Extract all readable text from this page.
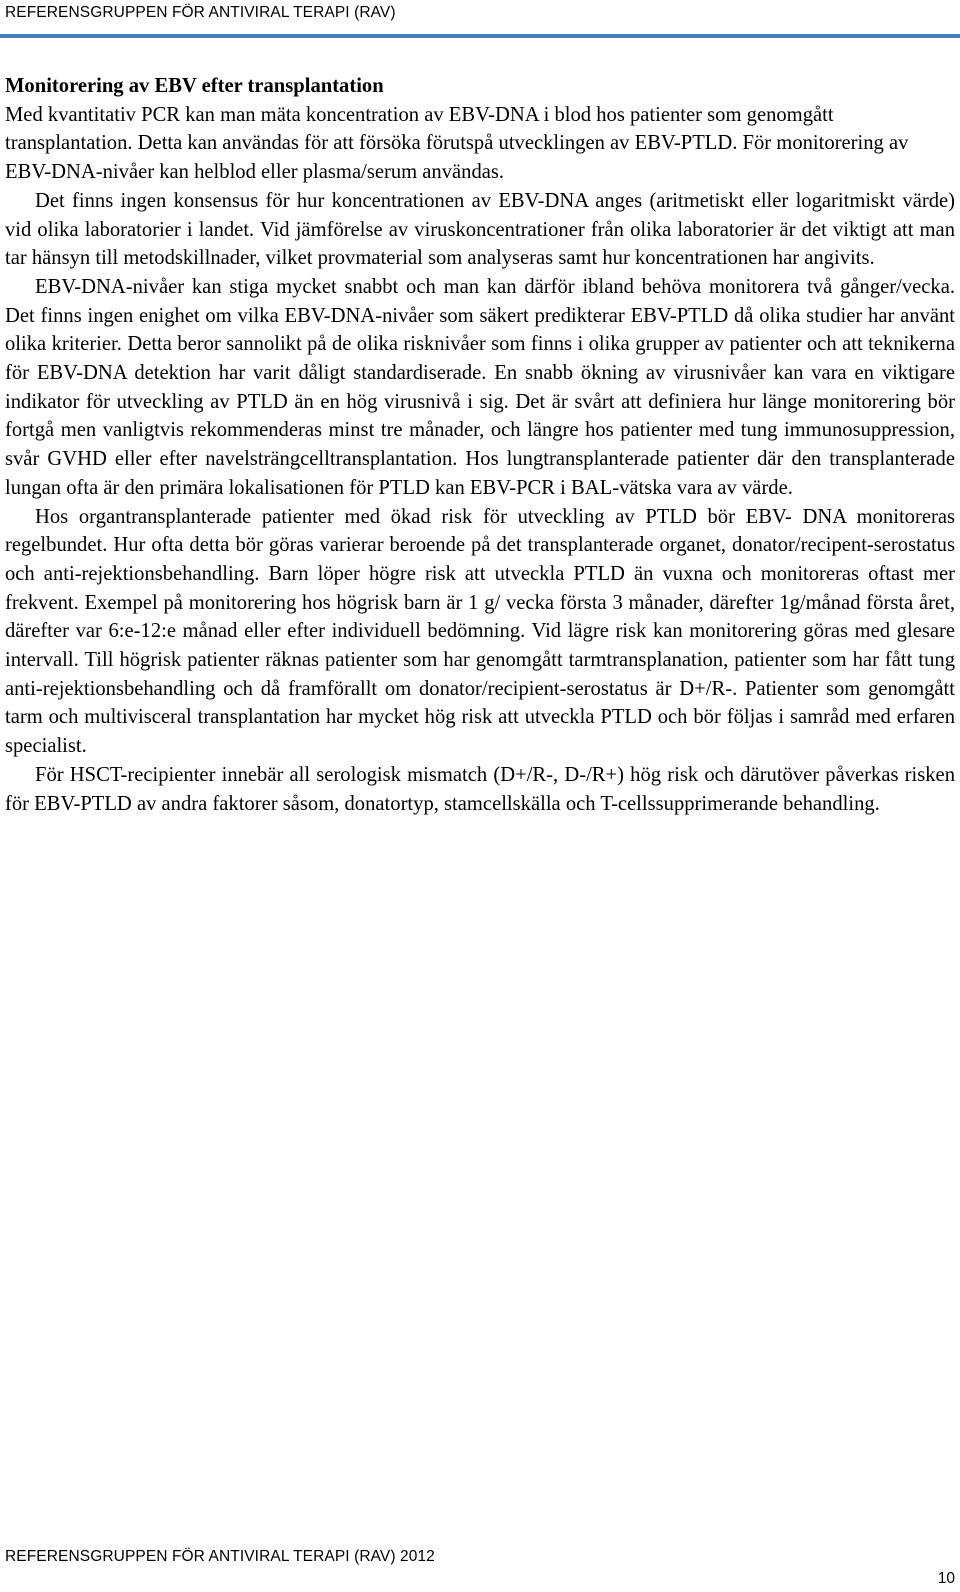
REFERENSGRUPPEN FÖR ANTIVIRAL TERAPI (RAV)

Monitorering av EBV efter transplantation

Med kvantitativ PCR kan man mäta koncentration av EBV-DNA i blod hos patienter som genomgått transplantation. Detta kan användas för att försöka förutspå utvecklingen av EBV-PTLD. För monitorering av EBV-DNA-nivåer kan helblod eller plasma/serum användas.

Det finns ingen konsensus för hur koncentrationen av EBV-DNA anges (aritmetiskt eller logaritmiskt värde) vid olika laboratorier i landet. Vid jämförelse av viruskoncentrationer från olika laboratorier är det viktigt att man tar hänsyn till metodskillnader, vilket provmaterial som analyseras samt hur koncentrationen har angivits.

EBV-DNA-nivåer kan stiga mycket snabbt och man kan därför ibland behöva monitorera två gånger/vecka. Det finns ingen enighet om vilka EBV-DNA-nivåer som säkert predikterar EBV-PTLD då olika studier har använt olika kriterier. Detta beror sannolikt på de olika risknivåer som finns i olika grupper av patienter och att teknikerna för EBV-DNA detektion har varit dåligt standardiserade. En snabb ökning av virusnivåer kan vara en viktigare indikator för utveckling av PTLD än en hög virusnivå i sig. Det är svårt att definiera hur länge monitorering bör fortgå men vanligtvis rekommenderas minst tre månader, och längre hos patienter med tung immunosuppression, svår GVHD eller efter navelsträngcelltransplantation. Hos lungtransplanterade patienter där den transplanterade lungan ofta är den primära lokalisationen för PTLD kan EBV-PCR i BAL-vätska vara av värde.

Hos organtransplanterade patienter med ökad risk för utveckling av PTLD bör EBV- DNA monitoreras regelbundet. Hur ofta detta bör göras varierar beroende på det transplanterade organet, donator/recipent-serostatus och anti-rejektionsbehandling. Barn löper högre risk att utveckla PTLD än vuxna och monitoreras oftast mer frekvent. Exempel på monitorering hos högrisk barn är 1 g/ vecka första 3 månader, därefter 1g/månad första året, därefter var 6:e-12:e månad eller efter individuell bedömning. Vid lägre risk kan monitorering göras med glesare intervall. Till högrisk patienter räknas patienter som har genomgått tarmtransplanation, patienter som har fått tung anti-rejektionsbehandling och då framförallt om donator/recipient-serostatus är D+/R-. Patienter som genomgått tarm och multivisceral transplantation har mycket hög risk att utveckla PTLD och bör följas i samråd med erfaren specialist.

För HSCT-recipienter innebär all serologisk mismatch (D+/R-, D-/R+) hög risk och därutöver påverkas risken för EBV-PTLD av andra faktorer såsom, donatortyp, stamcellskälla och T-cellssupprimerande behandling.

REFERENSGRUPPEN FÖR ANTIVIRAL TERAPI (RAV) 2012
10
